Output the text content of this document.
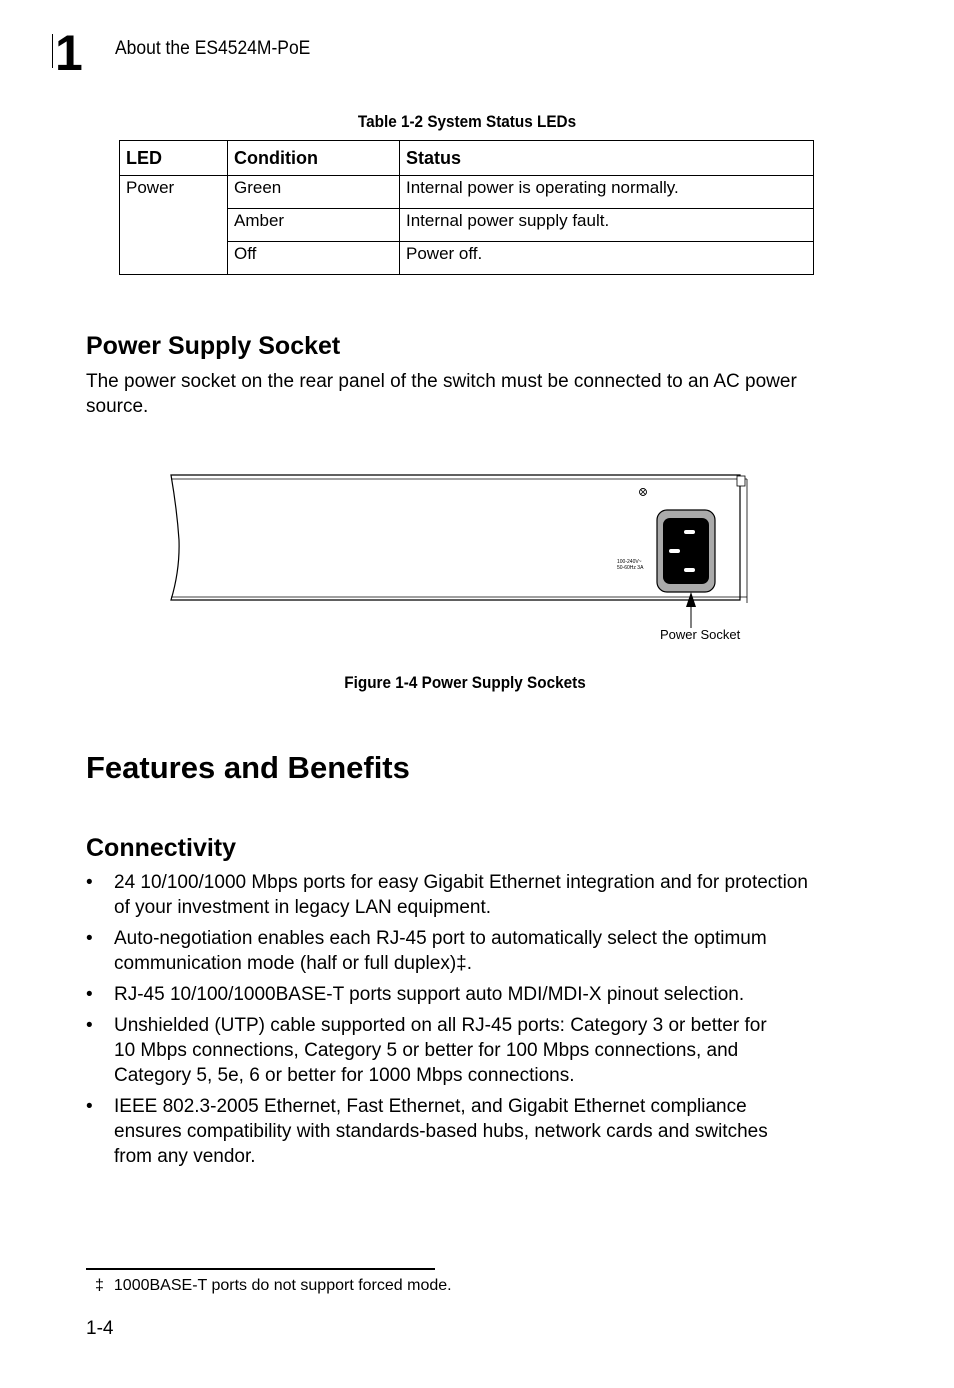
1 About the ES4524M-PoE
Table 1-2 System Status LEDs
LED	Condition	Status
Power	Green	Internal power is operating normally.
	Amber	Internal power supply fault.
	Off	Power off.
Power Supply Socket

The power socket on the rear panel of the switch must be connected to an AC power

source.

100-240V~
50-60Hz 3A
Power Socket
Figure 1-4 Power Supply Sockets
Features and Benefits
Connectivity
• 24 10/100/1000 Mbps ports for easy Gigabit Ethernet integration and for protection
of your investment in legacy LAN equipment.
• Auto-negotiation enables each RJ-45 port to automatically select the optimum
communication mode (half or full duplex)‡.
• RJ-45 10/100/1000BASE-T ports support auto MDI/MDI-X pinout selection.
• Unshielded (UTP) cable supported on all RJ-45 ports: Category 3 or better for
10 Mbps connections, Category 5 or better for 100 Mbps connections, and
Category 5, 5e, 6 or better for 1000 Mbps connections.
• IEEE 802.3-2005 Ethernet, Fast Ethernet, and Gigabit Ethernet compliance
ensures compatibility with standards-based hubs, network cards and switches
from any vendor.
‡ 1000BASE-T ports do not support forced mode.
1-4
